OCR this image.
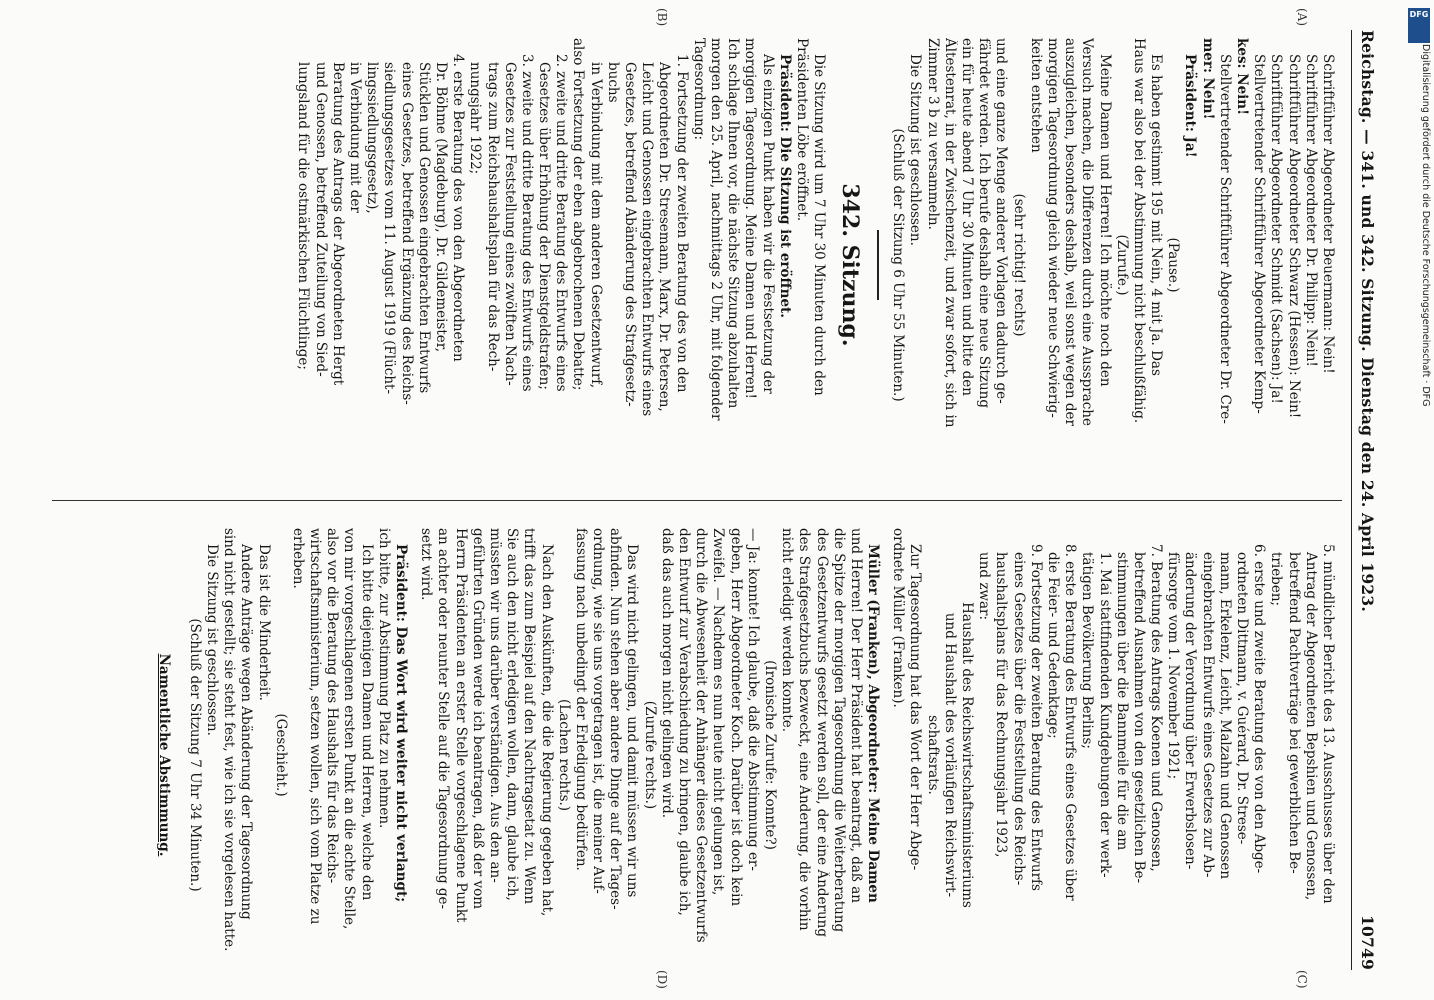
Reichstag. — 341. und 342. Sitzung. Dienstag den 24. April 1923.
10749
(A)
(B)
(C)
(D)
Schriftführer Abgeordneter Beuermann: Nein!
Schriftführer Abgeordneter Dr. Philipp: Nein!
Schriftführer Abgeordneter Schwarz (Hessen): Nein!
Schriftführer Abgeordneter Schmidt (Sachsen): Ja!
Stellvertretender Schriftführer Abgeordneter Kemp-
kes: Nein!
Stellvertretender Schriftführer Abgeordneter Dr. Cre-
mer: Nein!
Präsident: Ja!
(Pause.)
Es haben gestimmt 195 mit Nein, 4 mit Ja. Das
Haus war also bei der Abstimmung nicht beschlußfähig.
(Zurufe.)
Meine Damen und Herren! Ich möchte noch den
Versuch machen, die Differenzen durch eine Aussprache
auszugleichen, besonders deshalb, weil sonst wegen der
morgigen Tagesordnung gleich wieder neue Schwierig-
keiten entstehen
(sehr richtig! rechts)
und eine ganze Menge anderer Vorlagen dadurch ge-
fährdet werden. Ich berufe deshalb eine neue Sitzung
ein für heute abend 7 Uhr 30 Minuten und bitte den
Ältestenrat, in der Zwischenzeit, und zwar sofort, sich in
Zimmer 3 b zu versammeln.
Die Sitzung ist geschlossen.
(Schluß der Sitzung 6 Uhr 55 Minuten.)
342. Sitzung.
Die Sitzung wird um 7 Uhr 30 Minuten durch den
Präsidenten Löbe eröffnet.
Präsident: Die Sitzung ist eröffnet.
Als einzigen Punkt haben wir die Festsetzung der
morgigen Tagesordnung. Meine Damen und Herren!
Ich schlage Ihnen vor, die nächste Sitzung abzuhalten
morgen den 25. April, nachmittags 2 Uhr, mit folgender
Tagesordnung:
1. Fortsetzung der zweiten Beratung des von den
Abgeordneten Dr. Stresemann, Marx, Dr. Petersen,
Leicht und Genossen eingebrachten Entwurfs eines
Gesetzes, betreffend Abänderung des Strafgesetz-
buchs
in Verbindung mit dem anderen Gesetzentwurf,
also Fortsetzung der eben abgebrochenen Debatte;
2. zweite und dritte Beratung des Entwurfs eines
Gesetzes über Erhöhung der Dienstgeldstrafen;
3. zweite und dritte Beratung des Entwurfs eines
Gesetzes zur Feststellung eines zwölften Nach-
trags zum Reichshaushaltsplan für das Rech-
nungsjahr 1922;
4. erste Beratung des von den Abgeordneten
Dr. Böhme (Magdeburg), Dr. Gildemeister,
Stücklen und Genossen eingebrachten Entwurfs
eines Gesetzes, betreffend Ergänzung des Reichs-
siedlungsgesetzes vom 11. August 1919 (Flücht-
lingssiedlungsgesetz),
in Verbindung mit der
Beratung des Antrags der Abgeordneten Hergt
und Genossen, betreffend Zuteilung von Sied-
lungsland für die ostmärkischen Flüchtlinge;
5. mündlicher Bericht des 13. Ausschusses über den
Antrag der Abgeordneten Bepshien und Genossen,
betreffend Pachtverträge bei gewerblichen Be-
trieben;
6. erste und zweite Beratung des von den Abge-
ordneten Dittmann, v. Guérard, Dr. Strese-
mann, Erkelenz, Leicht, Malzahn und Genossen
eingebrachten Entwurfs eines Gesetzes zur Ab-
änderung der Verordnung über Erwerbslosen-
fürsorge vom 1. November 1921;
7. Beratung des Antrags Koenen und Genossen,
betreffend Ausnahmen von den gesetzlichen Be-
stimmungen über die Bannmeile für die am
1. Mai stattfindenden Kundgebungen der werk-
tätigen Bevölkerung Berlins;
8. erste Beratung des Entwurfs eines Gesetzes über
die Feier- und Gedenktage;
9. Fortsetzung der zweiten Beratung des Entwurfs
eines Gesetzes über die Feststellung des Reichs-
haushaltsplans für das Rechnungsjahr 1923,
und zwar:
Haushalt des Reichswirtschaftsministeriums
und Haushalt des vorläufigen Reichswirt-
schaftsrats.
Zur Tagesordnung hat das Wort der Herr Abge-
ordnete Müller (Franken).
Müller (Franken), Abgeordneter: Meine Damen
und Herren! Der Herr Präsident hat beantragt, daß an
die Spitze der morgigen Tagesordnung die Weiterberatung
des Gesetzentwurfs gesetzt werden soll, der eine Änderung
des Strafgesetzbuchs bezweckt, eine Änderung, die vorhin
nicht erledigt werden konnte.
(Ironische Zurufe: Konnte?)
— Ja: konnte! Ich glaube, daß die Abstimmung er-
geben, Herr Abgeordneter Koch. Darüber ist doch kein
Zweifel. — Nachdem es nun heute nicht gelungen ist,
durch die Abwesenheit der Anhänger dieses Gesetzentwurfs
den Entwurf zur Verabschiedung zu bringen, glaube ich,
daß das auch morgen nicht gelingen wird.
(Zurufe rechts.)
Das wird nicht gelingen, und damit müssen wir uns
abfinden. Nun stehen aber andere Dinge auf der Tages-
ordnung, wie sie uns vorgetragen ist, die meiner Auf-
fassung nach unbedingt der Erledigung bedürfen.
(Lachen rechts.)
Nach den Auskünften, die die Regierung gegeben hat,
trifft das zum Beispiel auf den Nachtragsetat zu. Wenn
Sie auch den nicht erledigen wollen, dann, glaube ich,
müssten wir uns darüber verständigen. Aus den an-
geführten Gründen werde ich beantragen, daß der vom
Herrn Präsidenten an erster Stelle vorgeschlagene Punkt
an achter oder neunter Stelle auf die Tagesordnung ge-
setzt wird.
Präsident: Das Wort wird weiter nicht verlangt;
ich bitte, zur Abstimmung Platz zu nehmen.
Ich bitte diejenigen Damen und Herren, welche den
von mir vorgeschlagenen ersten Punkt an die achte Stelle,
also vor die Beratung des Haushalts für das Reichs-
wirtschaftsministerium, setzen wollen, sich vom Platze zu
erheben.
(Geschieht.)
Das ist die Minderheit.
Andere Anträge wegen Abänderung der Tagesordnung
sind nicht gestellt; sie steht fest, wie ich sie vorgelesen hatte.
Die Sitzung ist geschlossen.
(Schluß der Sitzung 7 Uhr 34 Minuten.)
Namentliche Abstimmung.
DFG
Digitalisierung gefördert durch die Deutsche Forschungsgemeinschaft · DFG
